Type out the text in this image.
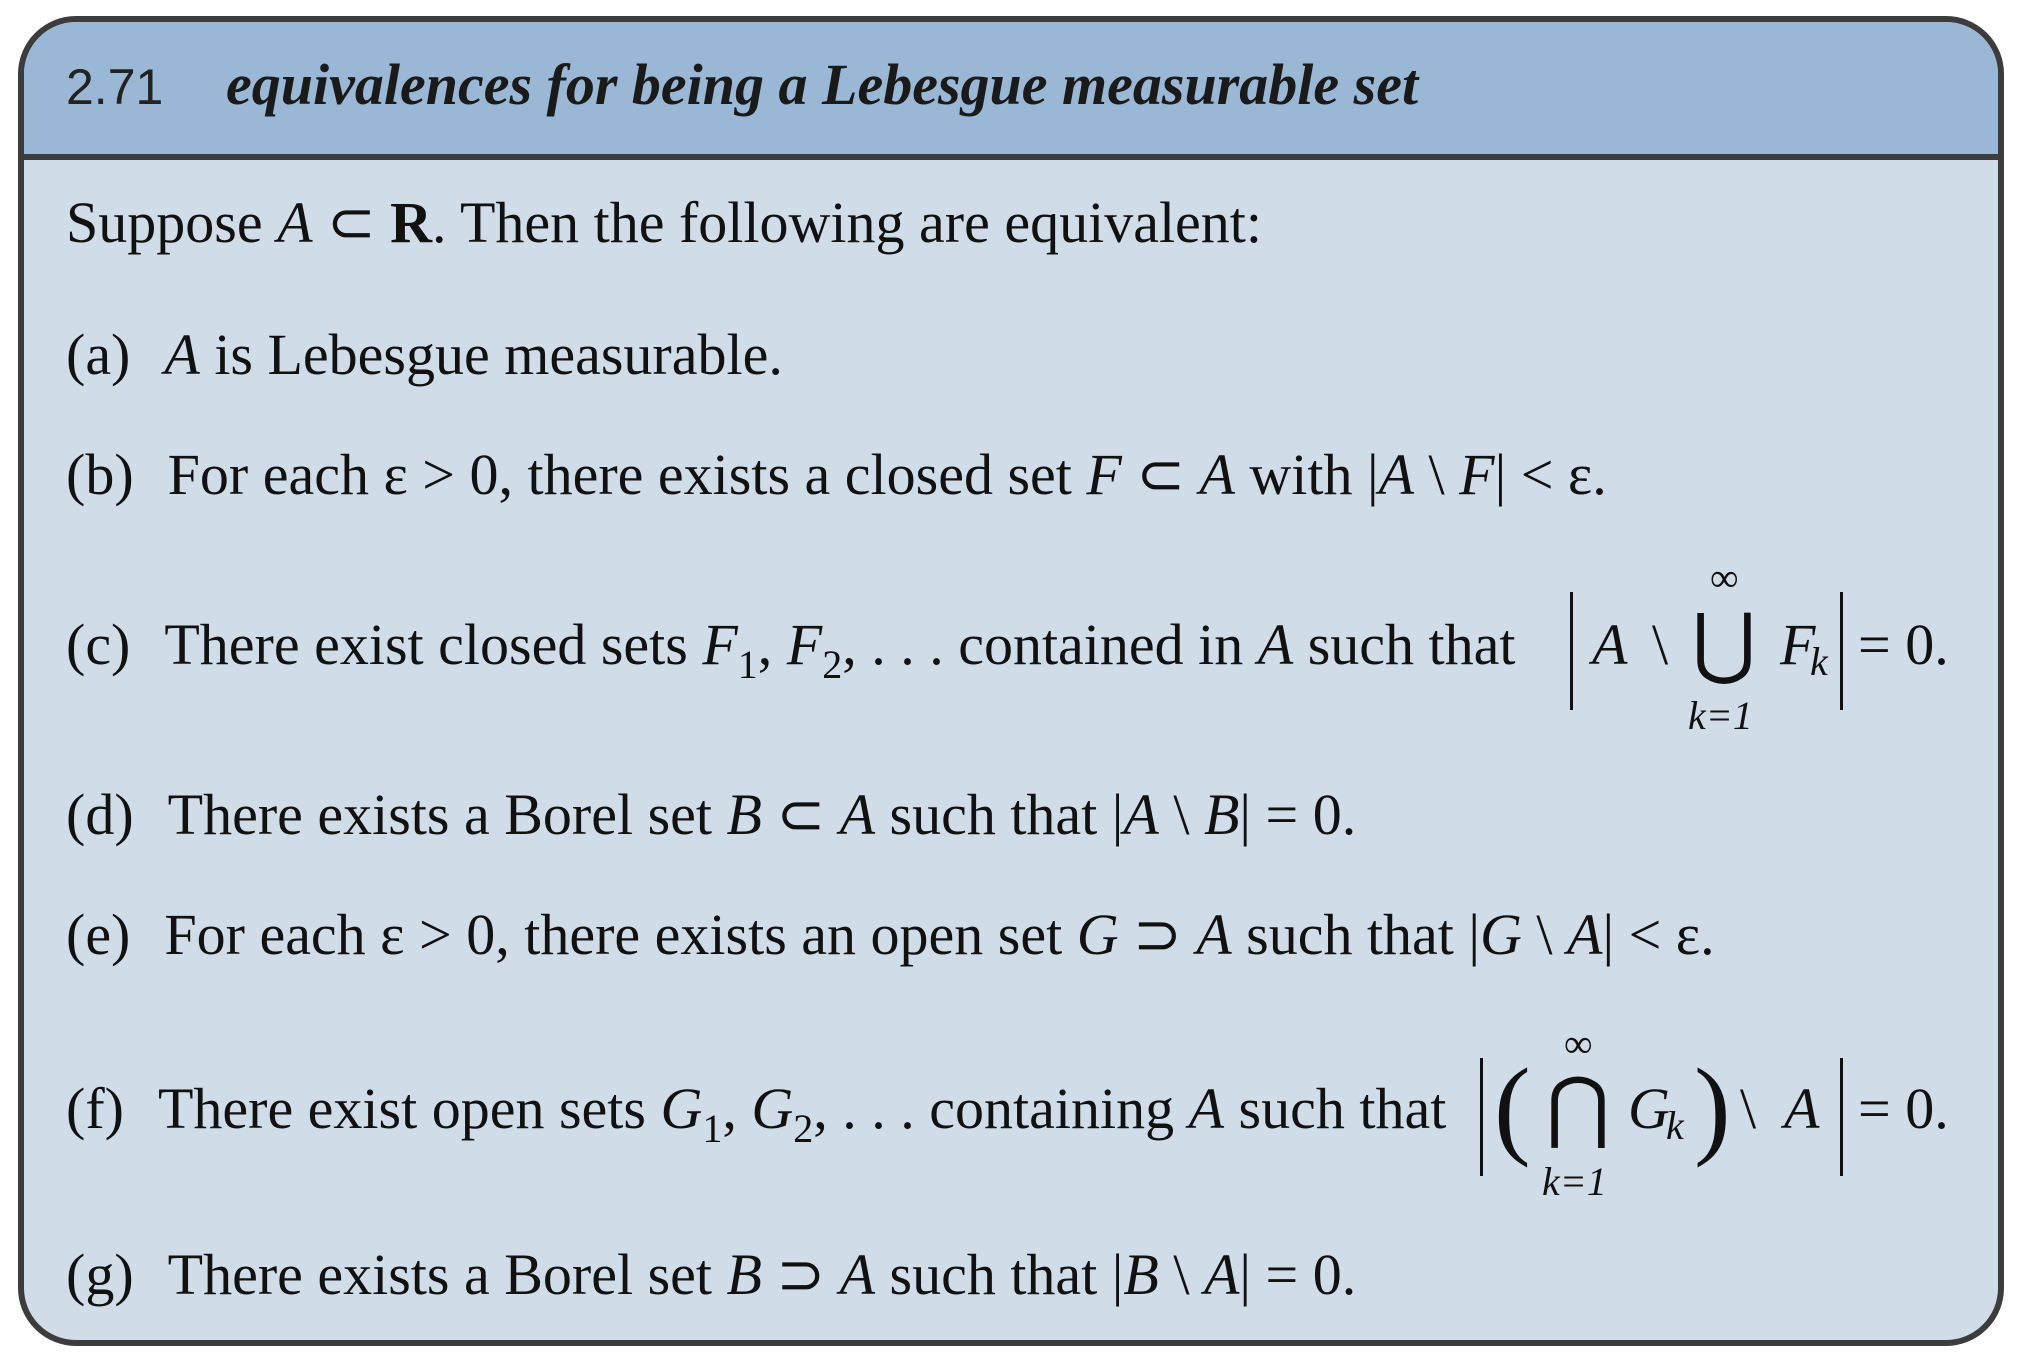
2.71 equivalences for being a Lebesgue measurable set
Suppose A ⊂ R. Then the following are equivalent:
(a) A is Lebesgue measurable.
(b) For each ε > 0, there exists a closed set F ⊂ A with |A \ F| < ε.
(c) There exist closed sets $F_1$, $F_2$, . . . contained in A such that A \
∞
⋃
k=1
F
k = 0.
(d) There exists a Borel set B ⊂ A such that |A \ B| = 0.
(e) For each ε > 0, there exists an open set G ⊃ A such that |G \ A| < ε.
(f) There exist open sets $G_1$, $G_2$, . . . containing A such that (
∞
⋂
k=1
G
k ) \ A = 0.
(g) There exists a Borel set B ⊃ A such that |B \ A| = 0.
